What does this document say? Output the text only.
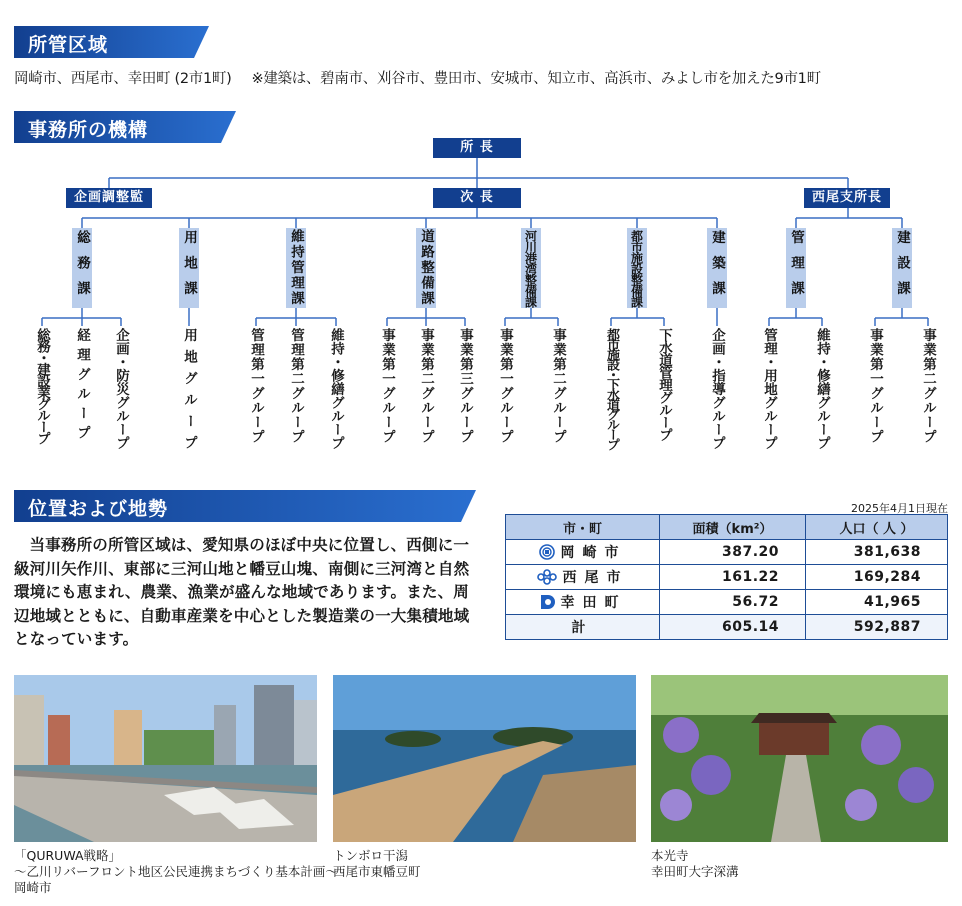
所管区域
岡崎市、西尾市、幸田町 (2市1町) ※建築は、碧南市、刈谷市、豊田市、安城市、知立市、高浜市、みよし市を加えた9市1町
事務所の機構
所 長
企画調整監	次 長	西尾支所長
総務課	用地課	維持管理課	道路整備課	河川港湾整備課	都市施設整備課	建築課	管理課	建設課
総務・建設業グループ 経理グループ 企画・防災グループ	用地グループ	管理第一グループ 管理第二グループ 維持・修繕グループ	事業第一グループ 事業第二グループ 事業第三グループ 事業第一グループ	事業第二グループ	都市施設・下水道グループ	下水道管理グループ	企画・指導グループ	管理・用地グループ	維持・修繕グループ	事業第一グループ	事業第二グループ
位置および地勢
当事務所の所管区域は、愛知県のほぼ中央に位置し、西側に一級河川矢作川、東部に三河山地と幡豆山塊、南側に三河湾と自然環境にも恵まれ、農業、漁業が盛んな地域であります。また、周辺地域とともに、自動車産業を中心とした製造業の一大集積地域となっています。
2025年4月1日現在
市・町	面積（km²）	人口（ 人 ）
岡崎市	387.20	381,638
西尾市	161.22	169,284
幸田町	56.72	41,965
計	605.14	592,887
「QURUWA戦略」
～乙川リバーフロント地区公民連携まちづくり基本計画～
岡崎市
トンボロ干潟
西尾市東幡豆町
本光寺
幸田町大字深溝
